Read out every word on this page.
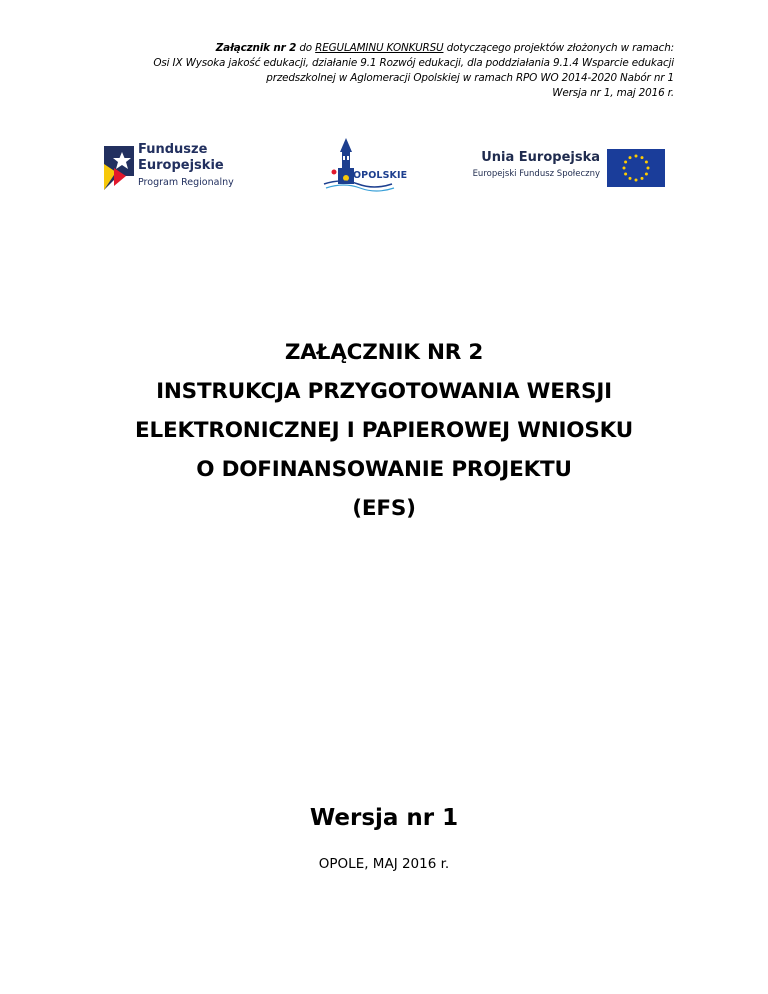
Załącznik nr 2 do REGULAMINU KONKURSU dotyczącego projektów złożonych w ramach:
Osi IX Wysoka jakość edukacji, działanie 9.1 Rozwój edukacji, dla poddziałania 9.1.4 Wsparcie edukacji
przedszkolnej w Aglomeracji Opolskiej w ramach RPO WO 2014-2020 Nabór nr 1
Wersja nr 1, maj 2016 r.
Fundusze
Europejskie
Program Regionalny
OPOLSKIE
Unia Europejska
Europejski Fundusz Społeczny
ZAŁĄCZNIK NR 2
INSTRUKCJA PRZYGOTOWANIA WERSJI
ELEKTRONICZNEJ I PAPIEROWEJ WNIOSKU
O DOFINANSOWANIE PROJEKTU
(EFS)
Wersja nr 1
OPOLE, MAJ 2016 r.
